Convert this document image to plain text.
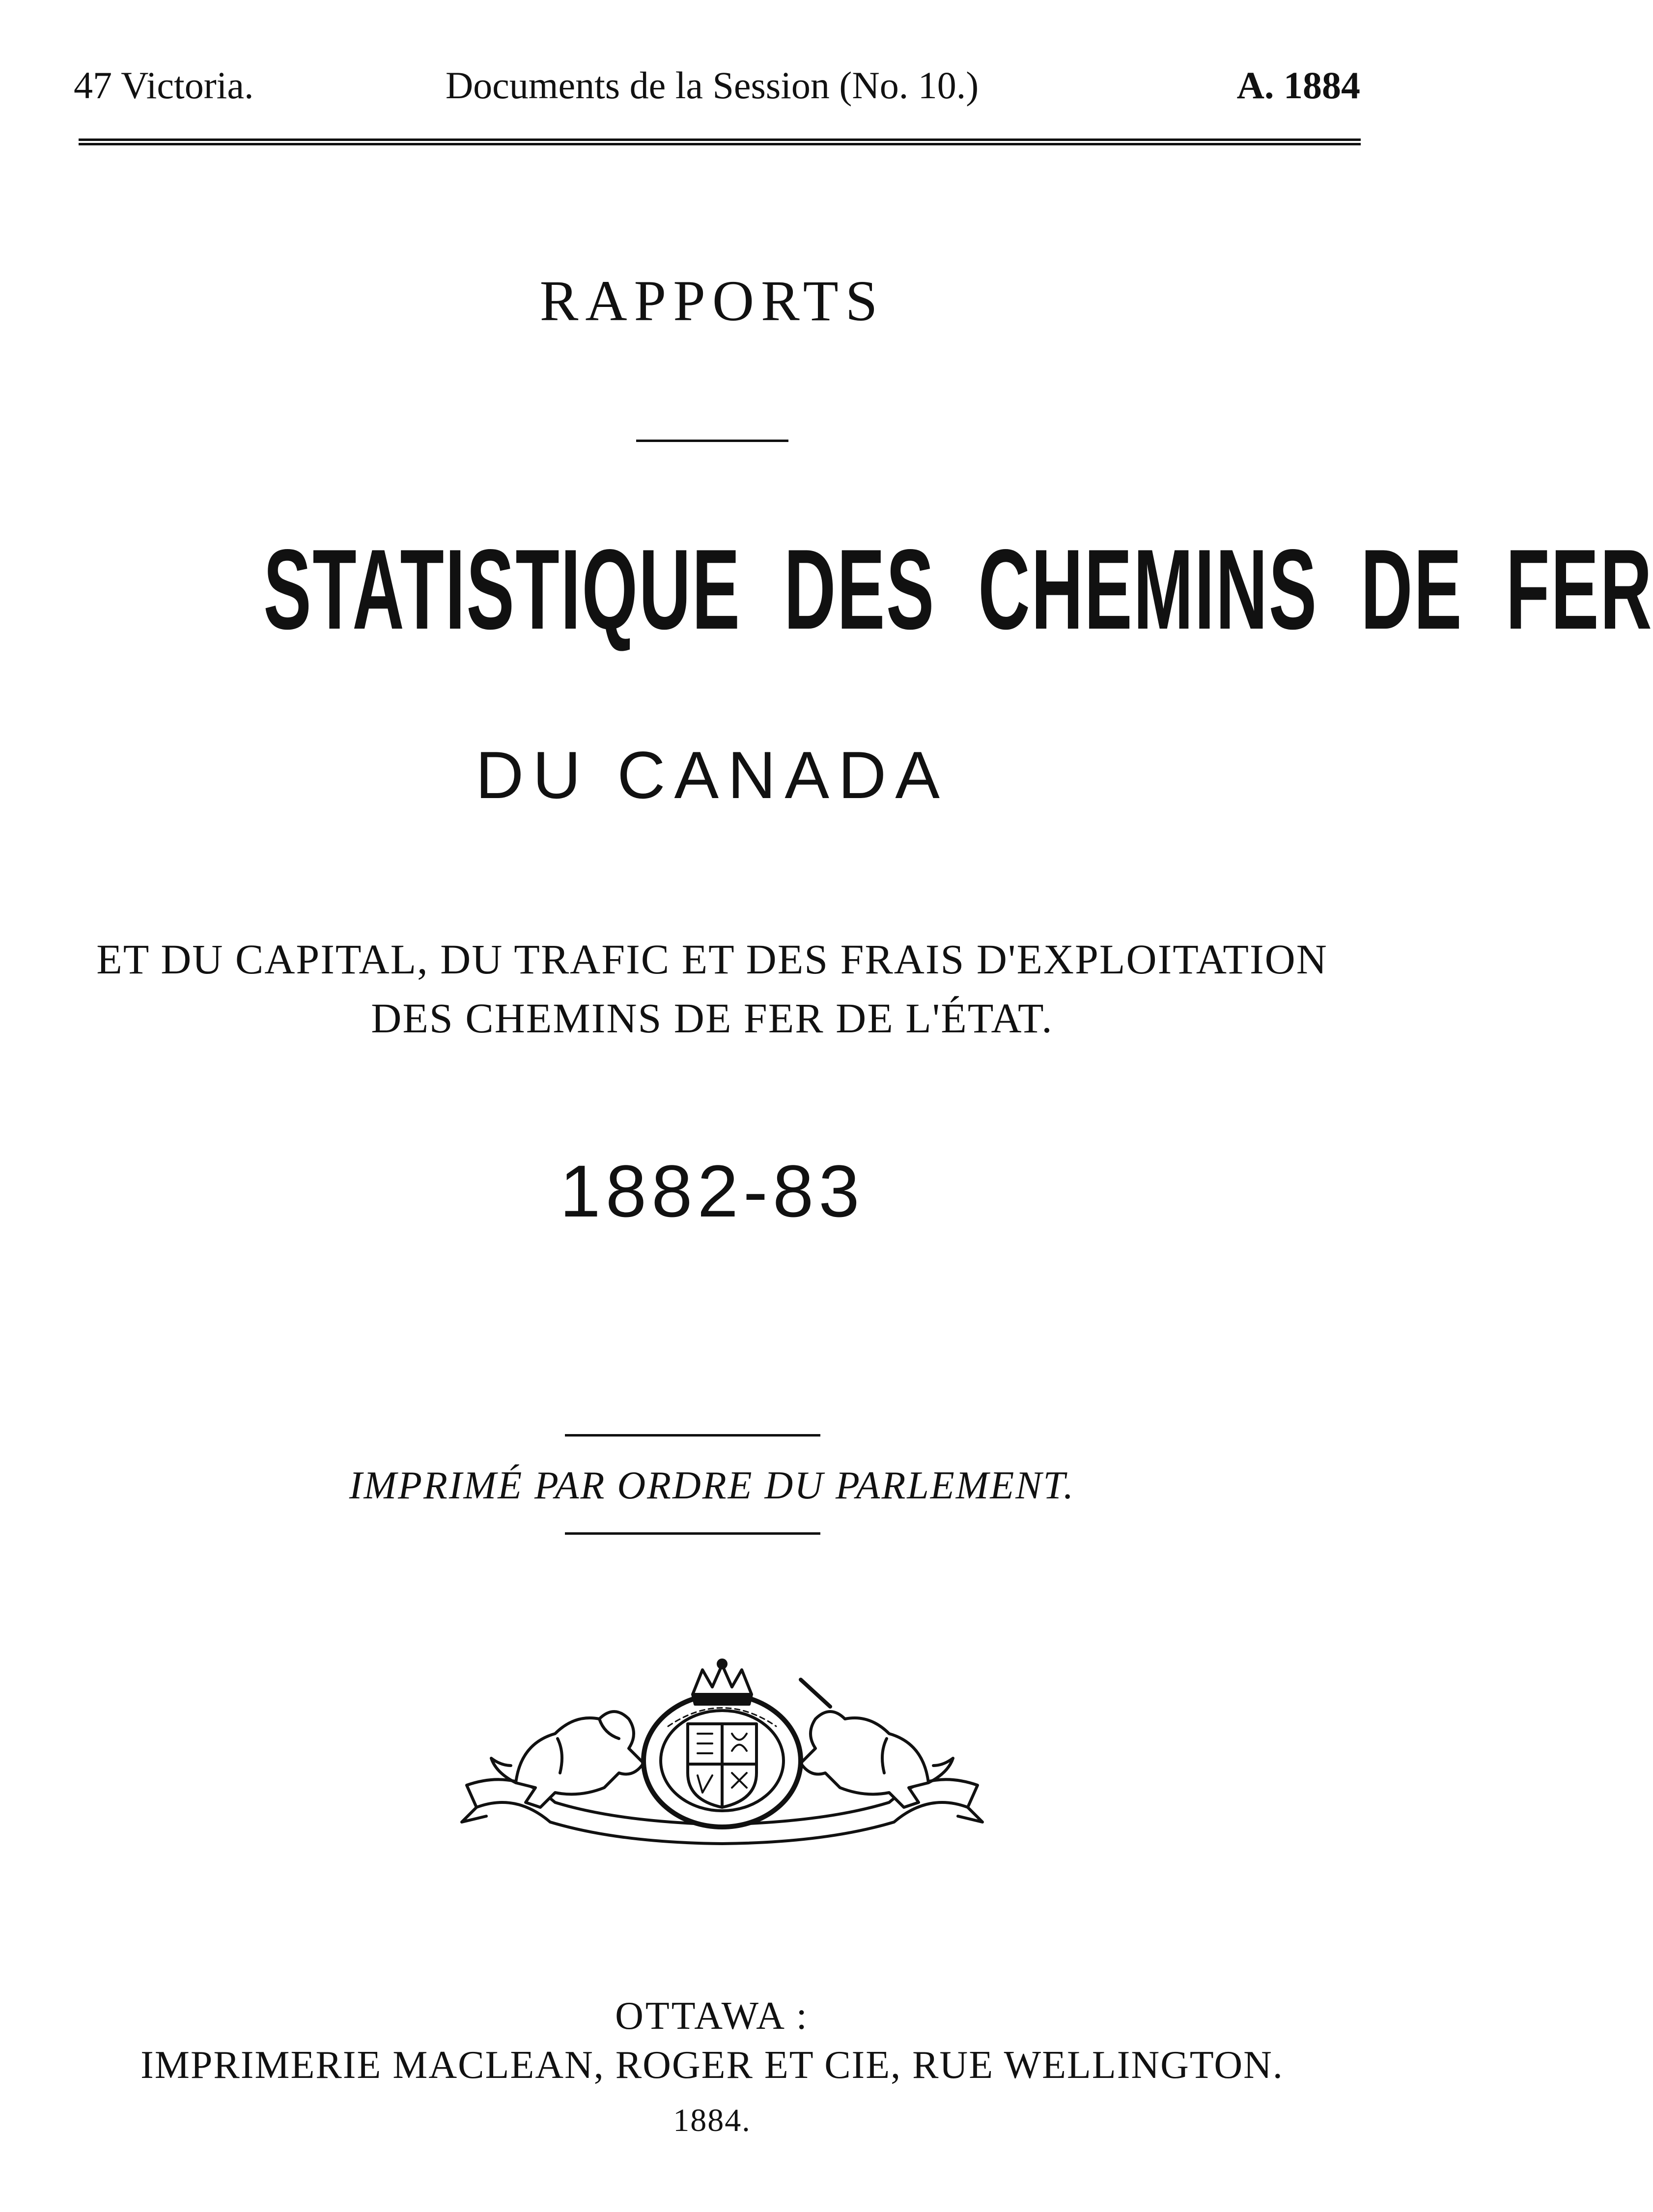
47 Victoria.	Documents de la Session (No. 10.)	A. 1884
RAPPORTS
STATISTIQUE DES CHEMINS DE FER
DU CANADA
ET DU CAPITAL, DU TRAFIC ET DES FRAIS D'EXPLOITATION
DES CHEMINS DE FER DE L'ÉTAT.
1882-83
IMPRIMÉ PAR ORDRE DU PARLEMENT.
OTTAWA :
IMPRIMERIE MACLEAN, ROGER ET CIE, RUE WELLINGTON.
1884.
